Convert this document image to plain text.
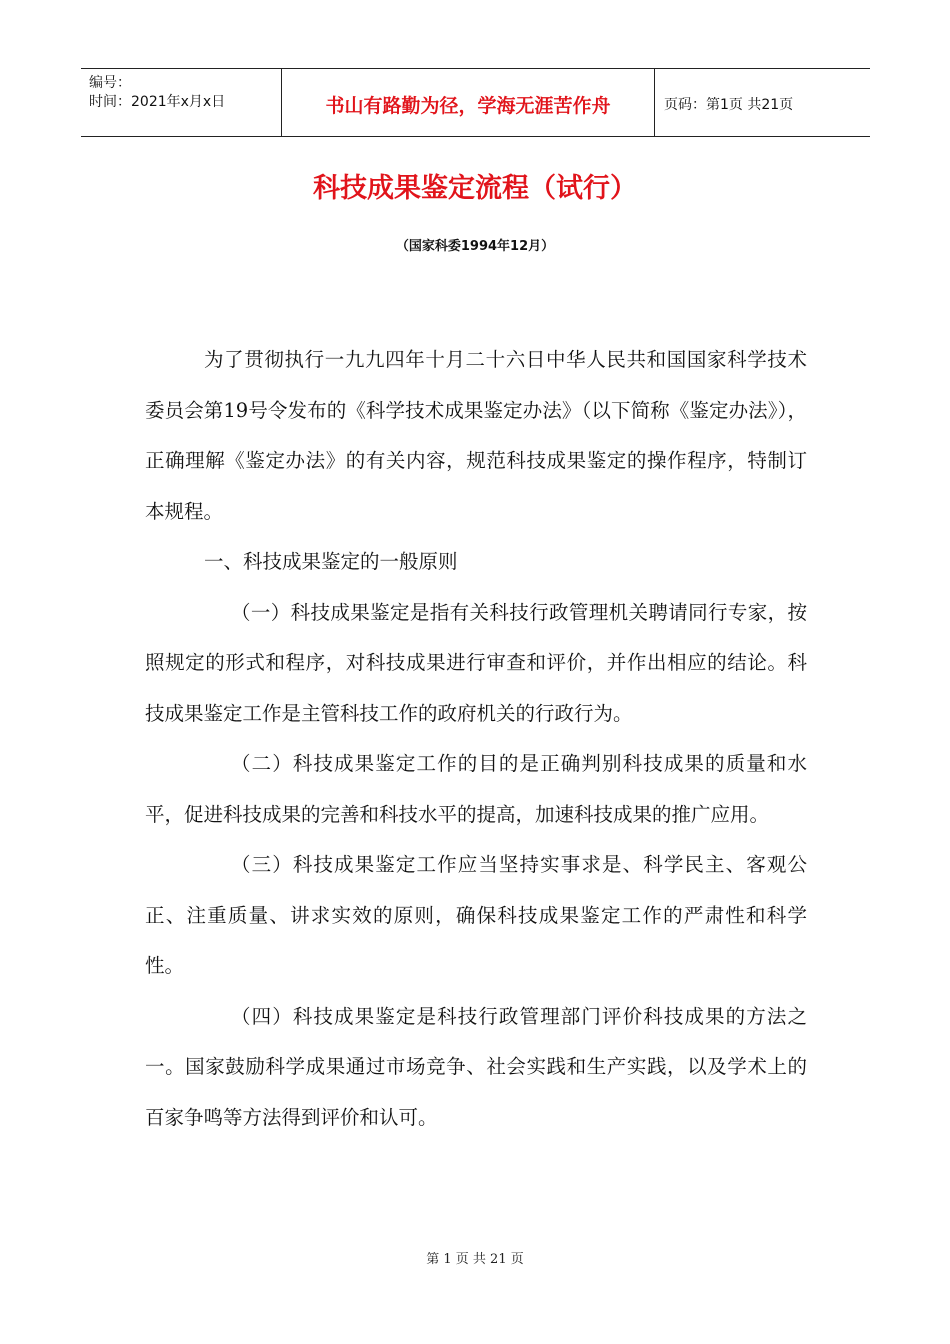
编号：
时间：2021年x月x日	书山有路勤为径，学海无涯苦作舟	页码：第1页 共21页
科技成果鉴定流程（试行）
（国家科委1994年12月）

为了贯彻执行一九九四年十月二十六日中华人民共和国国家科学技术委员会第19号令发布的《科学技术成果鉴定办法》（以下简称《鉴定办法》），正确理解《鉴定办法》的有关内容，规范科技成果鉴定的操作程序，特制订本规程。

一、科技成果鉴定的一般原则

（一）科技成果鉴定是指有关科技行政管理机关聘请同行专家，按照规定的形式和程序，对科技成果进行审查和评价，并作出相应的结论。科技成果鉴定工作是主管科技工作的政府机关的行政行为。

（二）科技成果鉴定工作的目的是正确判别科技成果的质量和水平，促进科技成果的完善和科技水平的提高，加速科技成果的推广应用。

（三）科技成果鉴定工作应当坚持实事求是、科学民主、客观公正、注重质量、讲求实效的原则，确保科技成果鉴定工作的严肃性和科学性。

（四）科技成果鉴定是科技行政管理部门评价科技成果的方法之一。国家鼓励科学成果通过市场竞争、社会实践和生产实践，以及学术上的百家争鸣等方法得到评价和认可。

第 1 页 共 21 页
